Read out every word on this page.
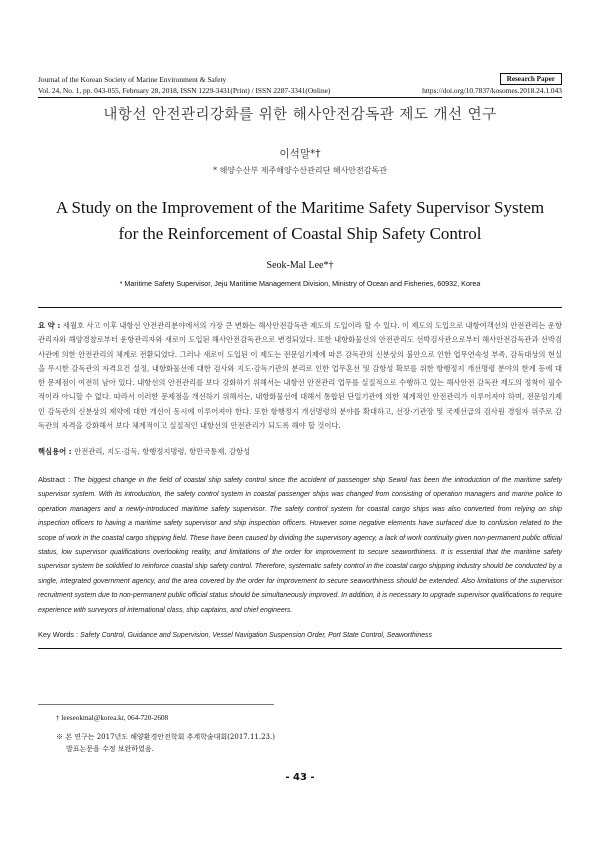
Journal of the Korean Society of Marine Environment & Safety	Research Paper
Vol. 24, No. 1, pp. 043-055, February 28, 2018, ISSN 1229-3431(Print) / ISSN 2287-3341(Online)	https://doi.org/10.7837/kosomes.2018.24.1.043
내항선 안전관리강화를 위한 해사안전감독관 제도 개선 연구
이석말*†
* 해양수산부 제주해양수산관리단 해사안전감독관
A Study on the Improvement of the Maritime Safety Supervisor System
for the Reinforcement of Coastal Ship Safety Control
Seok-Mal Lee*†
* Maritime Safety Supervisor, Jeju Maritime Management Division, Ministry of Ocean and Fisheries, 60932, Korea
요 약 : 세월호 사고 이후 내항선 안전관리분야에서의 가장 큰 변화는 해사안전감독관 제도의 도입이라 할 수 있다. 이 제도의 도입으로 내항여객선의 안전관리는 운항관리자와 해양경찰로부터 운항관리자와 새로이 도입된 해사안전감독관으로 변경되었다. 또한 내항화물선의 안전관리도 선박검사관으로부터 해사안전감독관과 선박검사관에 의한 안전관리의 체계로 전환되었다. 그러나 새로이 도입된 이 제도는 전문임기제에 따른 감독관의 신분상의 불안으로 인한 업무연속성 부족, 감독대상의 현실을 무시한 감독관의 자격요건 설정, 내항화물선에 대한 검사와 지도·감독기관의 분리로 인한 업무혼선 및 감항성 확보를 위한 항행정지 개선명령 분야의 한계 등에 대한 문제점이 여전히 남아 있다. 내항선의 안전관리를 보다 강화하기 위해서는 내항선 안전관리 업무를 실질적으로 수행하고 있는 해사안전 감독관 제도의 정착이 필수적이라 아니할 수 없다. 따라서 이러한 문제점을 개선하기 위해서는, 내항화물선에 대해서 통합된 단일기관에 의한 체계적인 안전관리가 이루어져야 하며, 전문임기제인 감독관의 신분상의 제약에 대한 개선이 동시에 이루어져야 한다. 또한 항행정지 개선명령의 분야를 확대하고, 선장·기관장 및 국제선급의 검사원 경험자 위주로 감독관의 자격을 강화해서 보다 체계적이고 실질적인 내항선의 안전관리가 되도록 해야 할 것이다.
핵심용어 : 안전관리, 지도·감독, 항행정지명령, 항만국통제, 감항성
Abstract : The biggest change in the field of coastal ship safety control since the accident of passenger ship Sewol has been the introduction of the maritime safety supervisor system. With its introduction, the safety control system in coastal passenger ships was changed from consisting of operation managers and marine police to operation managers and a newly-introduced maritime safety supervisor. The safety control system for coastal cargo ships was also converted from relying on ship inspection officers to having a maritime safety supervisor and ship inspection officers. However some negative elements have surfaced due to confusion related to the scope of work in the coastal cargo shipping field. These have been caused by dividing the supervisory agency, a lack of work continuity given non-permanent public official status, low supervisor qualifications overlooking reality, and limitations of the order for improvement to secure seaworthiness. It is essential that the maritime safety supervisor system be solidified to reinforce coastal ship safety control. Therefore, systematic safety control in the coastal cargo shipping industry should be conducted by a single, integrated government agency, and the area covered by the order for improvement to secure seaworthiness should be extended. Also limitations of the supervisor recruitment system due to non-permanent public official status should be simultaneously improved. In addition, it is necessary to upgrade supervisor qualifications to require experience with surveyors of international class, ship captains, and chief engineers.
Key Words : Safety Control, Guidance and Supervision, Vessel Navigation Suspension Order, Port State Control, Seaworthiness
† leeseokmal@korea.kr, 064-720-2608
※ 본 연구는 2017년도 해양환경안전학회 추계학술대회(2017.11.23.)
발표논문을 수정 보완하였음.
- 43 -
